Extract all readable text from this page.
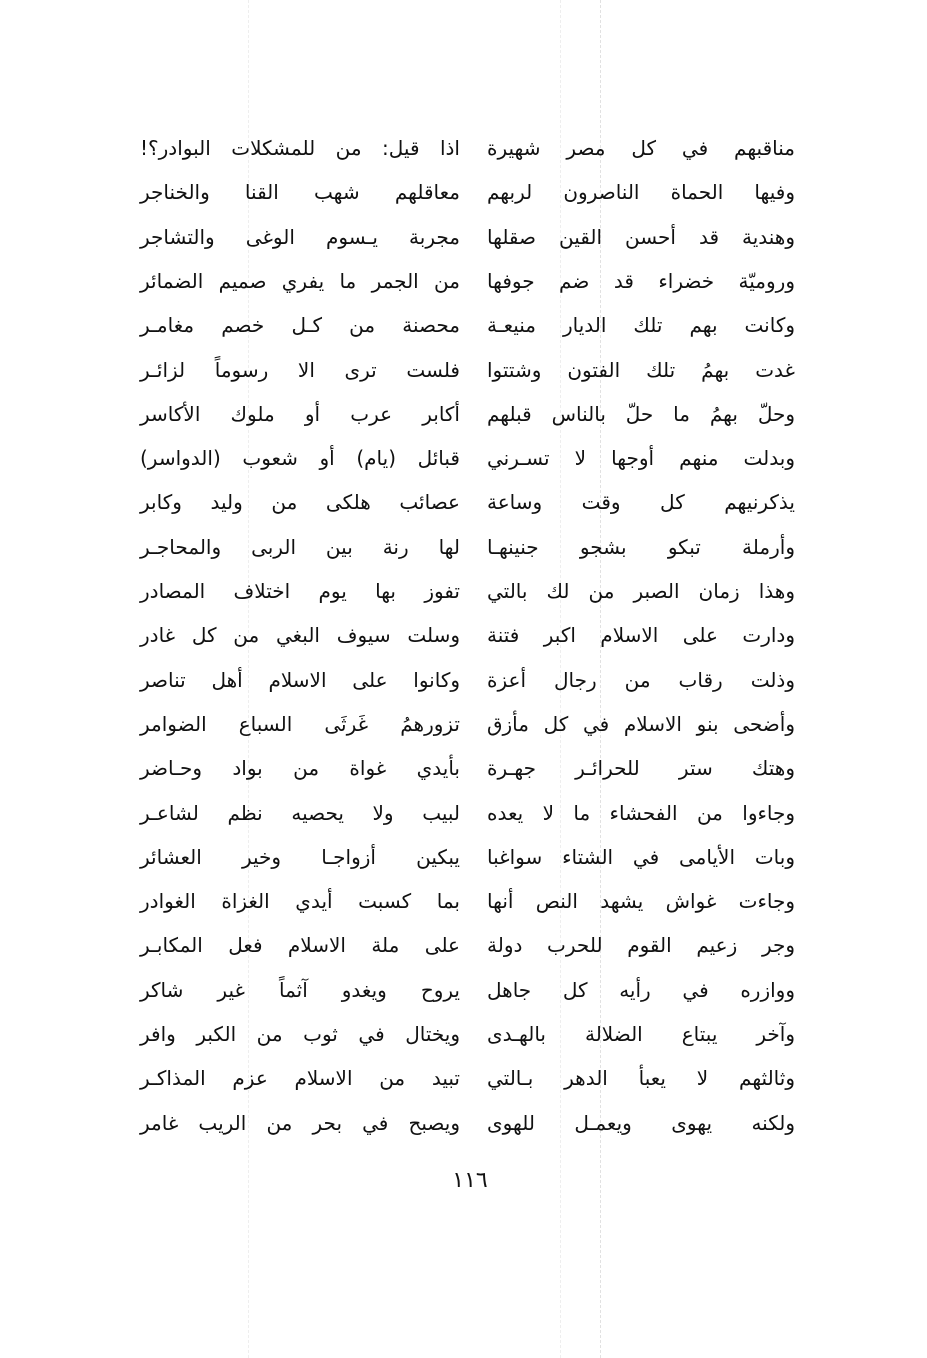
مناقبهم في كل مصر شهيرة
اذا قيل: من للمشكلات البوادر؟!
وفيها الحماة الناصرون لربهم
معاقلهم شهب القنا والخناجر
وهندية قد أحسن القين صقلها
مجربة يـسوم الوغى والتشاجر
وروميّة خضراء قد ضم جوفها
من الجمر ما يفري صميم الضمائر
وكانت بهم تلك الديار منيعـة
محصنة من كـل خصم مغامـر
غدت بهمُ تلك الفتون وشتتوا
فلست ترى الا رسوماً لزائـر
وحلّ بهمُ ما حلّ بالناس قبلهم
أكابر عرب أو ملوك الأكاسر
وبدلت منهم أوجها لا تسـرني
قبائل (يام) أو شعوب (الدواسر)
يذكرنيهم كل وقت وساعة
عصائب هلكى من وليد وكابر
وأرملة تبكو بشجو جنينهـا
لها رنة بين الربى والمحاجـر
وهذا زمان الصبر من لك بالتي
تفوز بها يوم اختلاف المصادر
ودارت على الاسلام اكبر فتنة
وسلت سيوف البغي من كل غادر
وذلت رقاب من رجال أعزة
وكانوا على الاسلام أهل تناصر
وأضحى بنو الاسلام في كل مأزق
تزورهمُ غَرثَى السباع الضوامر
وهتك ستر للحرائـر جهـرة
بأيدي غواة من بواد وحـاضر
وجاءوا من الفحشاء ما لا يعده
لبيب ولا يحصيه نظم لشاعـر
وبات الأيامى في الشتاء سواغبا
يبكين أزواجـا وخير العشائر
وجاءت غواش يشهد النص أنها
بما كسبت أيدي الغزاة الغوادر
وجر زعيم القوم للحرب دولة
على ملة الاسلام فعل المكابـر
ووازره في رأيه كل جاهل
يروح ويغدو آثماً غير شاكر
وآخر يبتاع الضلالة بالهـدى
ويختال في ثوب من الكبر وافر
وثالثهم لا يعبأ الدهر بـالتي
تبيد من الاسلام عزم المذاكـر
ولكنه يهوى ويعمـل للهوى
ويصبح في بحر من الريب غامر
١١٦
